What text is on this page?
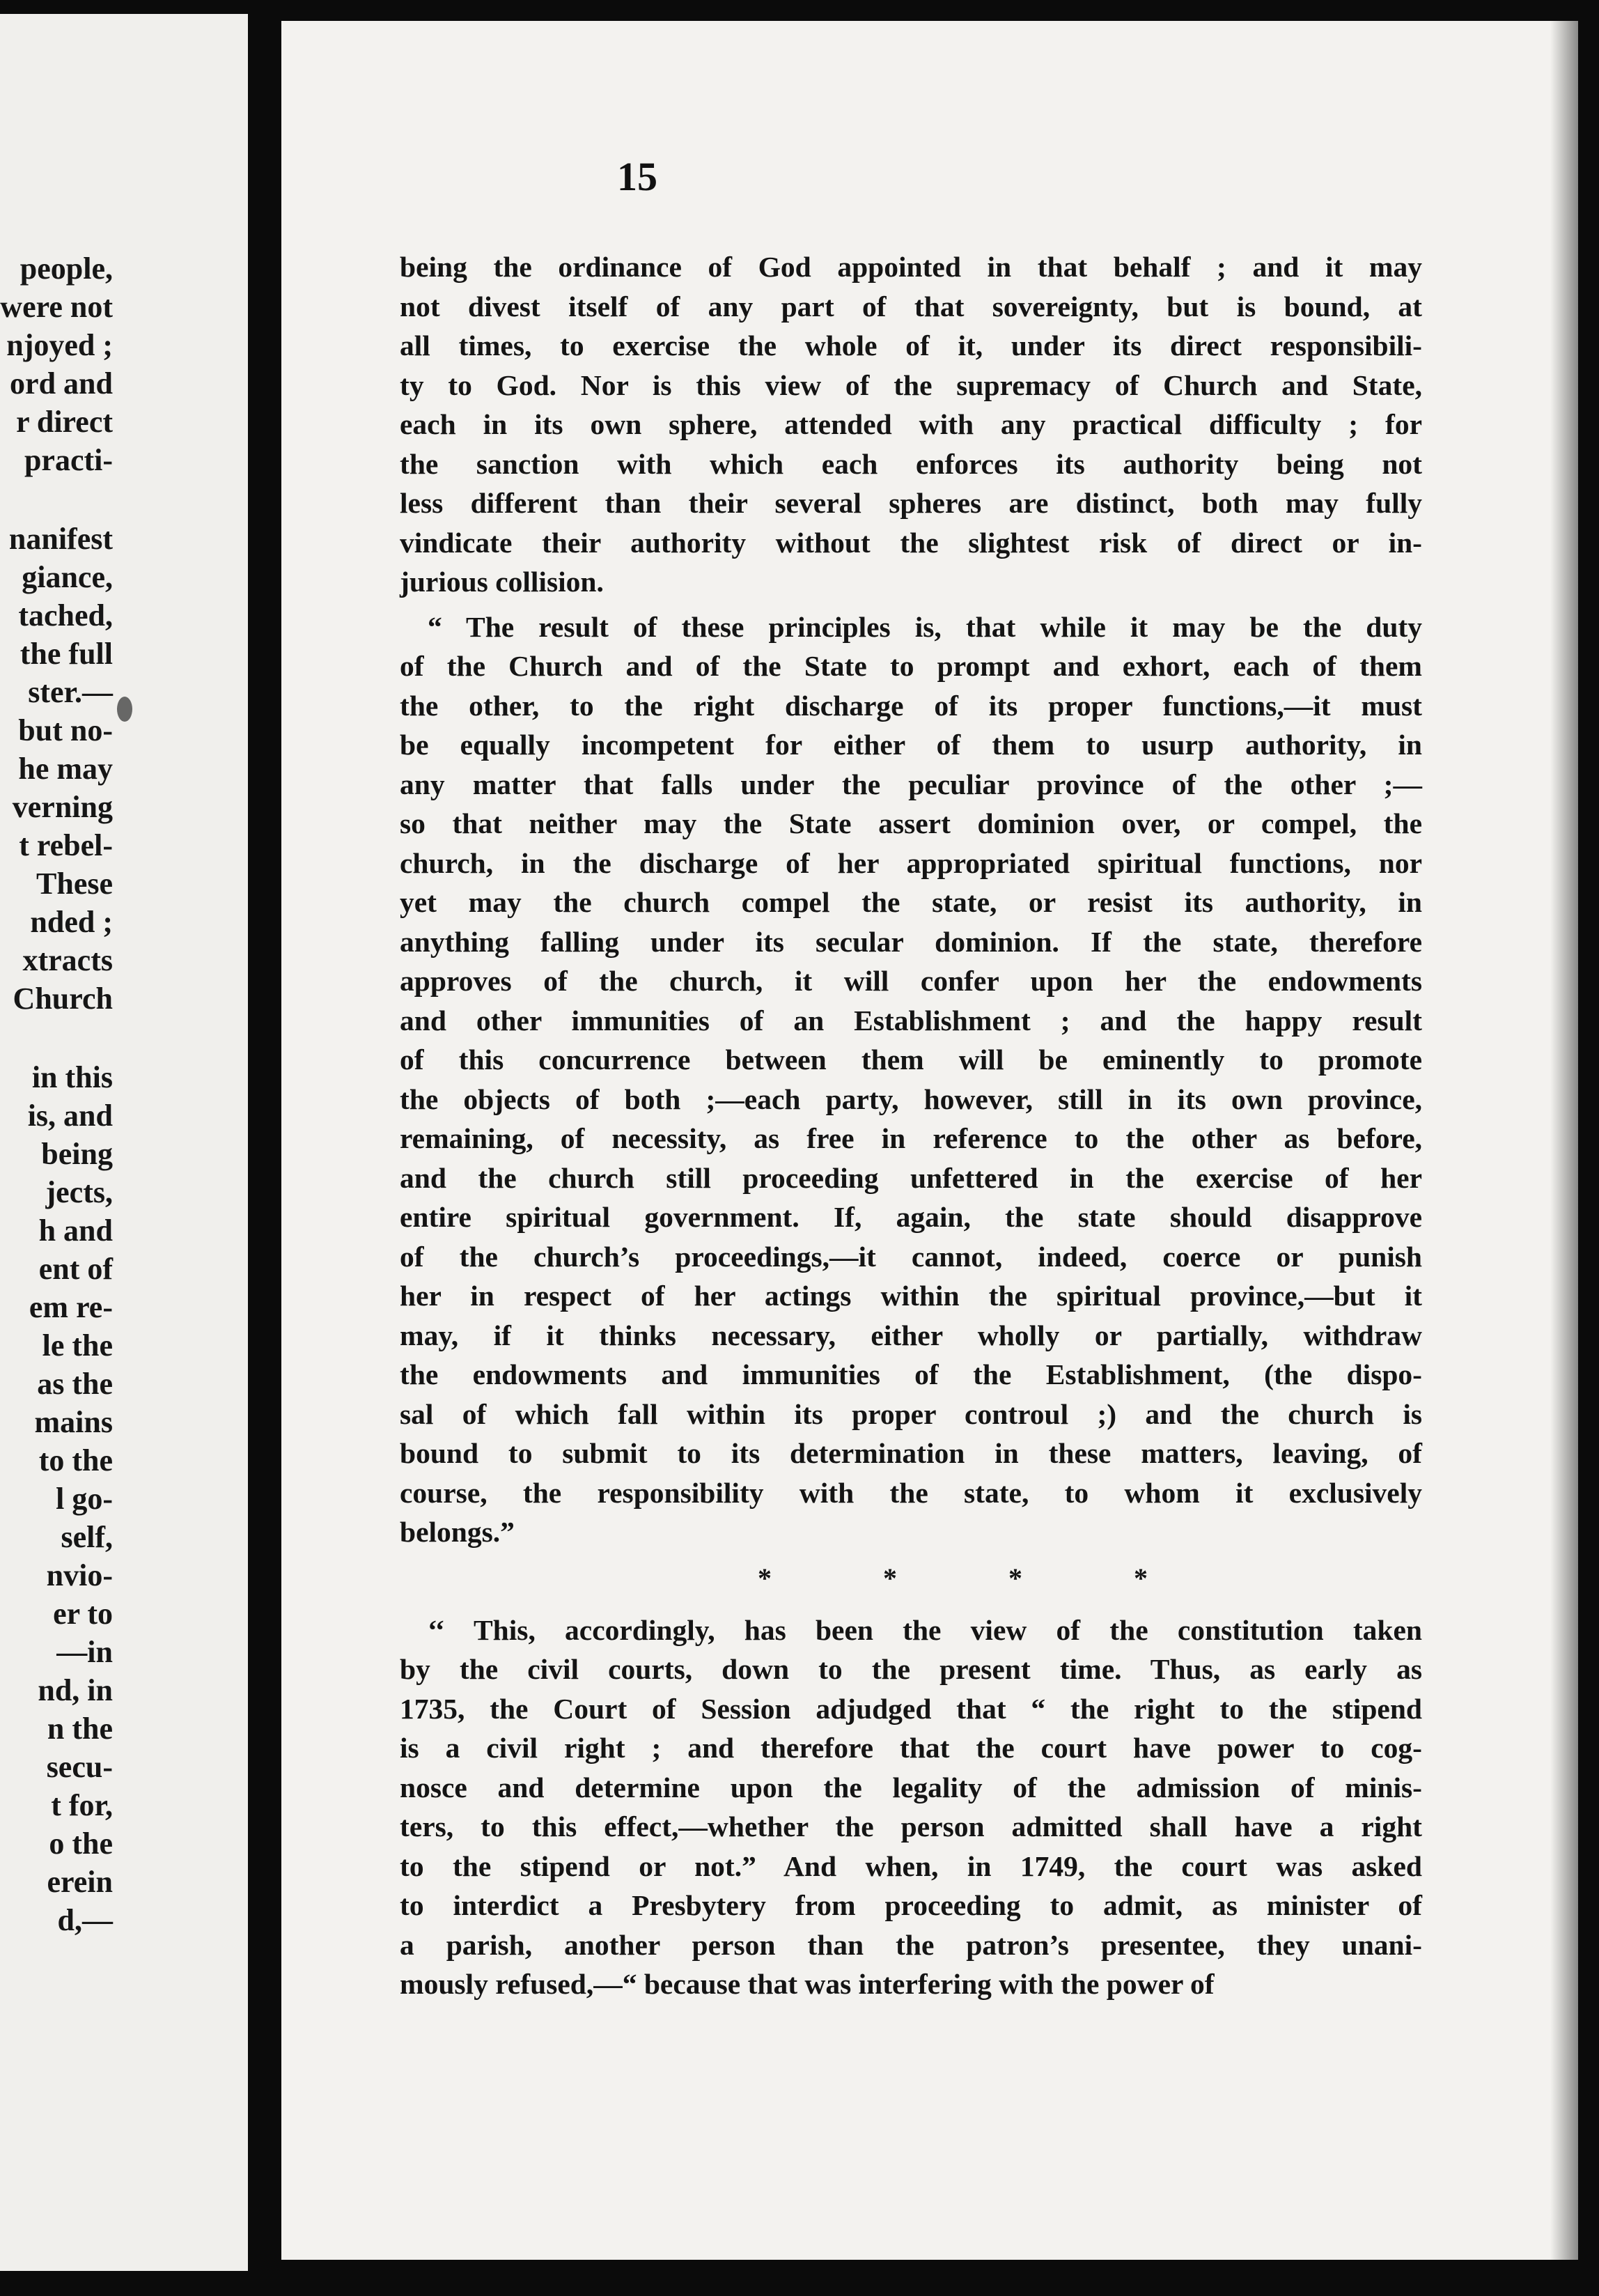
people,
were not
njoyed ;
ord and
r direct
practi-
nanifest
giance,
tached,
the full
ster.—
but no-
he may
verning
t rebel-
These
nded ;
xtracts
Church
in this
is, and
being
jects,
h and
ent of
em re-
le the
as the
mains
to the
l go-
self,
nvio-
er to
—in
nd, in
n the
secu-
t for,
o the
erein
d,—
15
being the ordinance of God appointed in that behalf ; and it may
not divest itself of any part of that sovereignty, but is bound, at
all times, to exercise the whole of it, under its direct responsibili-
ty to God. Nor is this view of the supremacy of Church and State,
each in its own sphere, attended with any practical difficulty ; for
the sanction with which each enforces its authority being not
less different than their several spheres are distinct, both may fully
vindicate their authority without the slightest risk of direct or in-
jurious collision.
“ The result of these principles is, that while it may be the duty
of the Church and of the State to prompt and exhort, each of them
the other, to the right discharge of its proper functions,—it must
be equally incompetent for either of them to usurp authority, in
any matter that falls under the peculiar province of the other ;—
so that neither may the State assert dominion over, or compel, the
church, in the discharge of her appropriated spiritual functions, nor
yet may the church compel the state, or resist its authority, in
anything falling under its secular dominion. If the state, therefore
approves of the church, it will confer upon her the endowments
and other immunities of an Establishment ; and the happy result
of this concurrence between them will be eminently to promote
the objects of both ;—each party, however, still in its own province,
remaining, of necessity, as free in reference to the other as before,
and the church still proceeding unfettered in the exercise of her
entire spiritual government. If, again, the state should disapprove
of the church’s proceedings,—it cannot, indeed, coerce or punish
her in respect of her actings within the spiritual province,—but it
may, if it thinks necessary, either wholly or partially, withdraw
the endowments and immunities of the Establishment, (the dispo-
sal of which fall within its proper controul ;) and the church is
bound to submit to its determination in these matters, leaving, of
course, the responsibility with the state, to whom it exclusively
belongs.”
*	*	*	*
‘‘ This, accordingly, has been the view of the constitution taken
by the civil courts, down to the present time. Thus, as early as
1735, the Court of Session adjudged that “ the right to the stipend
is a civil right ; and therefore that the court have power to cog-
nosce and determine upon the legality of the admission of minis-
ters, to this effect,—whether the person admitted shall have a right
to the stipend or not.” And when, in 1749, the court was asked
to interdict a Presbytery from proceeding to admit, as minister of
a parish, another person than the patron’s presentee, they unani-
mously refused,—“ because that was interfering with the power of
